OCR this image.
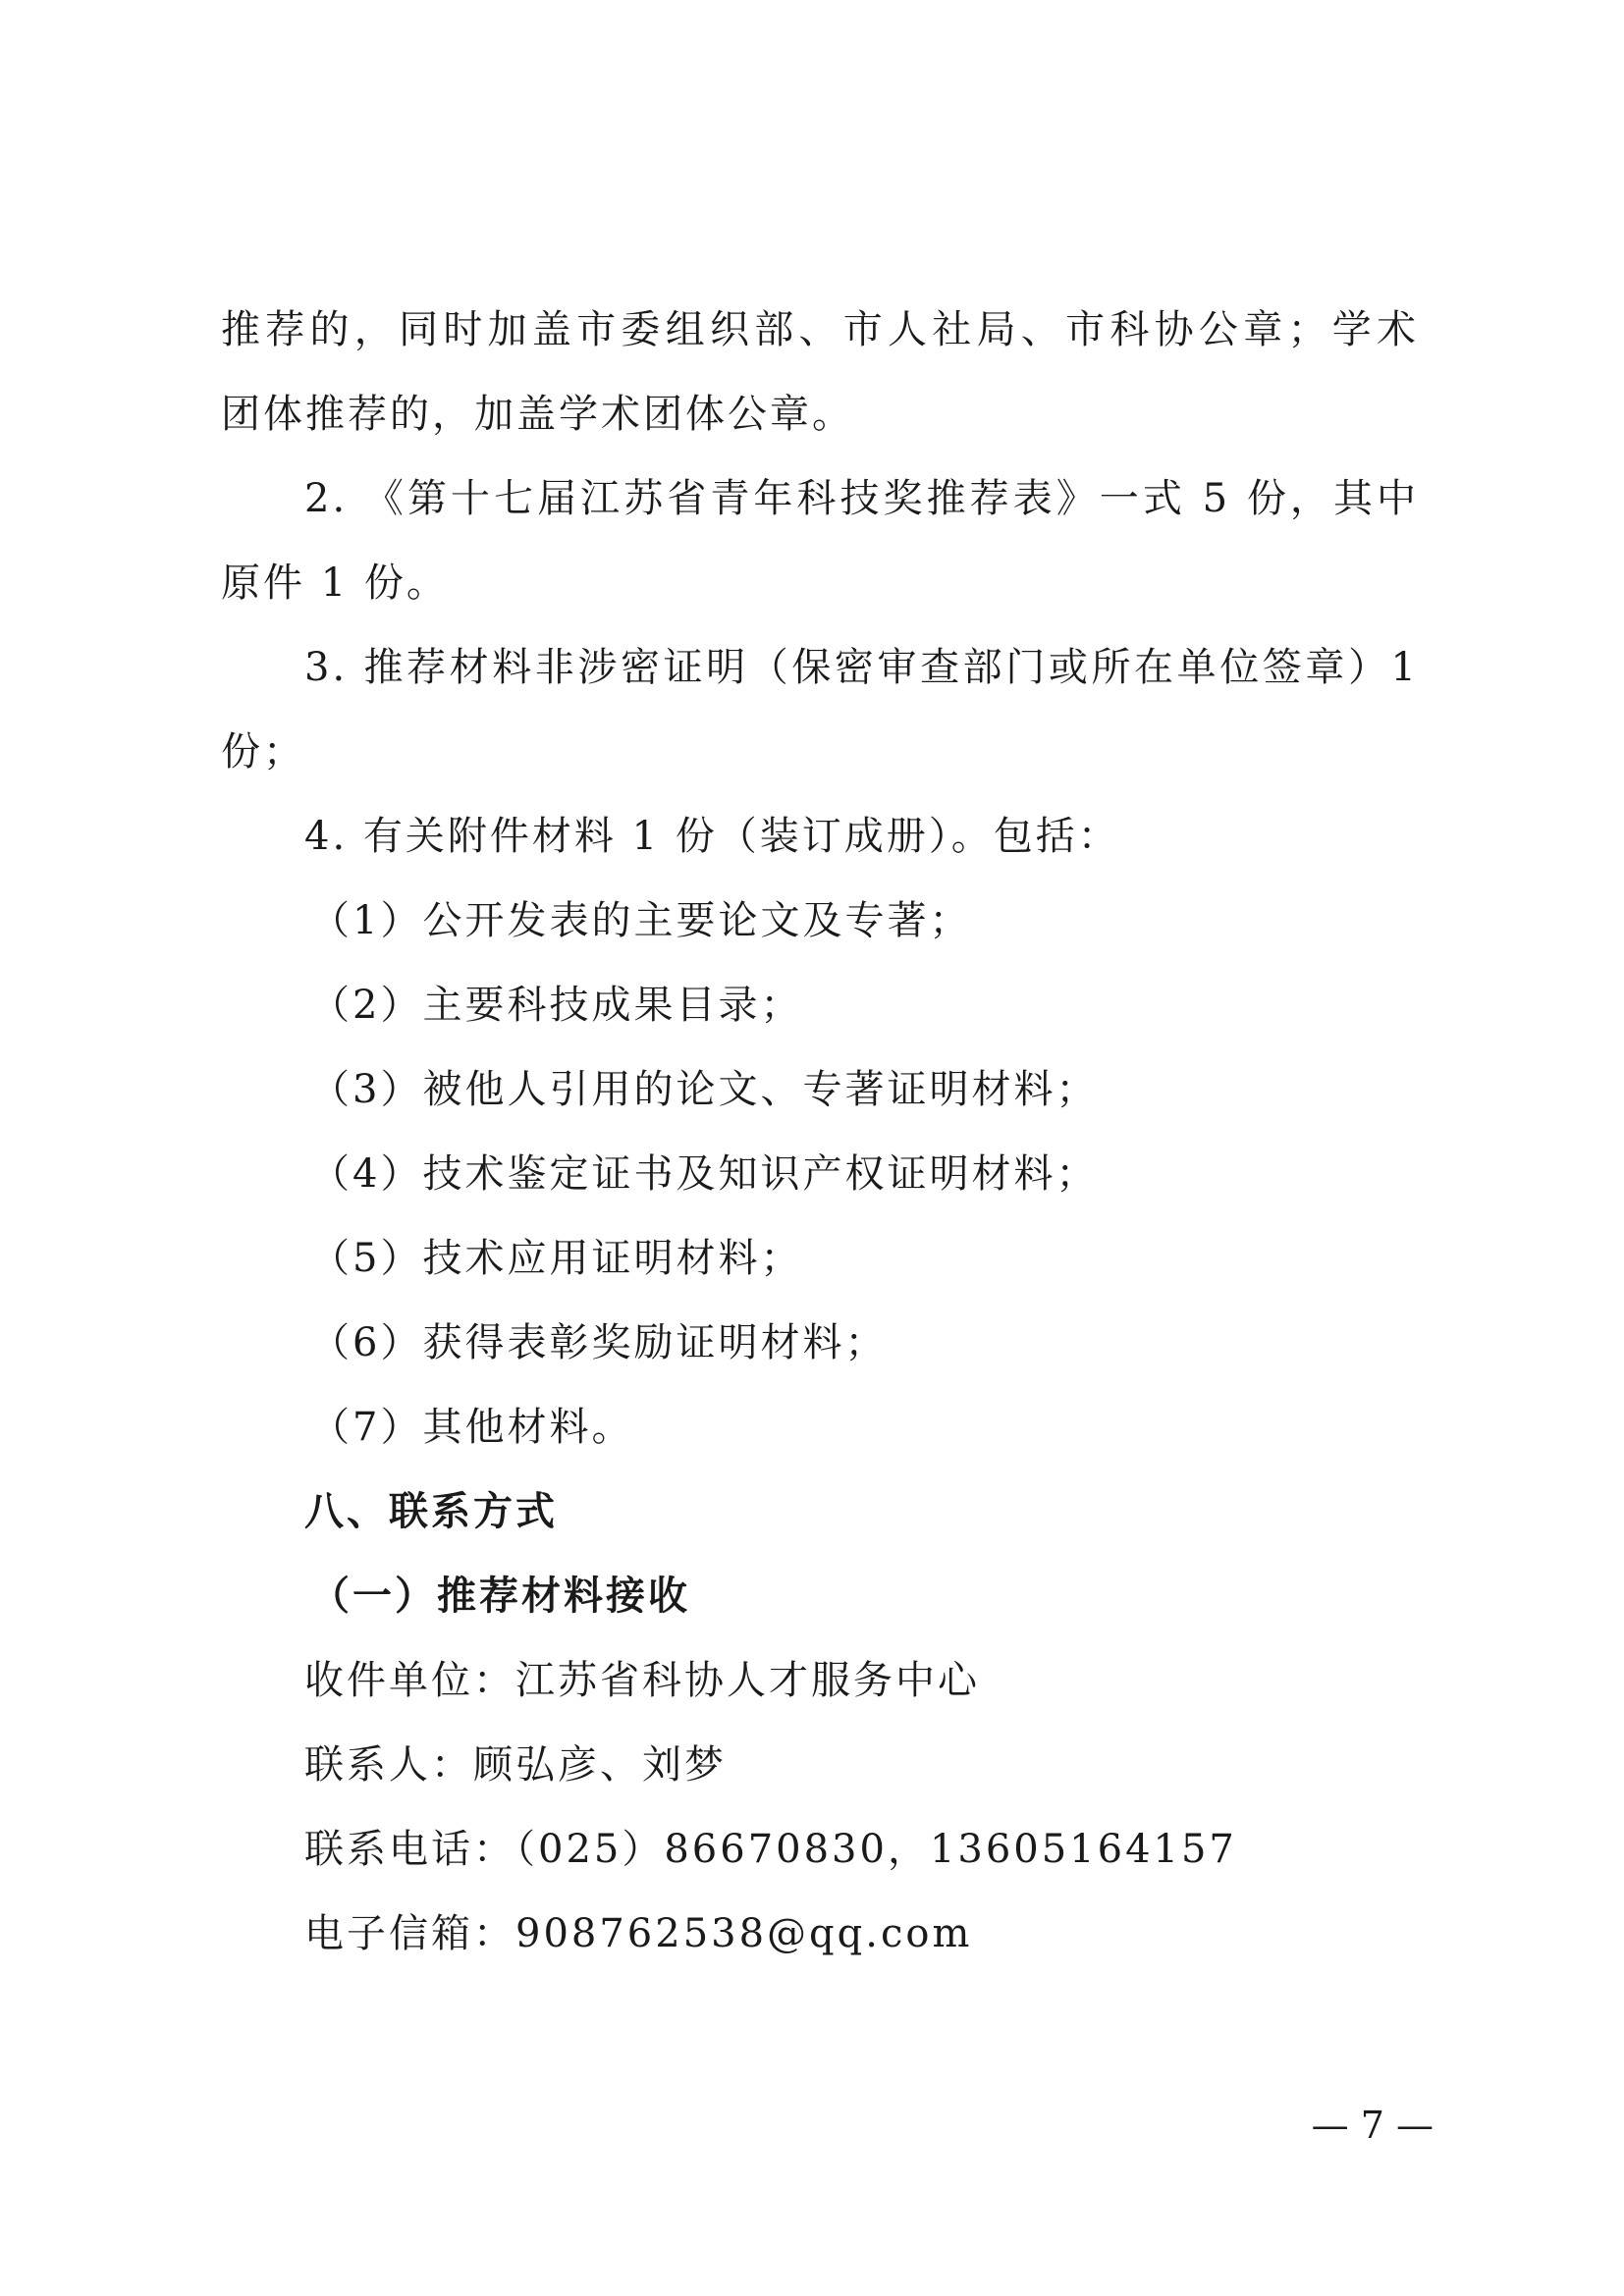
推荐的，同时加盖市委组织部、市人社局、市科协公章；学术
团体推荐的，加盖学术团体公章。
2. 《第十七届江苏省青年科技奖推荐表》一式 5 份，其中
原件 1 份。
3. 推荐材料非涉密证明（保密审查部门或所在单位签章）1
份；
4. 有关附件材料 1 份（装订成册）。包括：
（1）公开发表的主要论文及专著；
（2）主要科技成果目录；
（3）被他人引用的论文、专著证明材料；
（4）技术鉴定证书及知识产权证明材料；
（5）技术应用证明材料；
（6）获得表彰奖励证明材料；
（7）其他材料。
八、联系方式
（一）推荐材料接收
收件单位：江苏省科协人才服务中心
联系人：顾弘彦、刘梦
联系电话：（025）86670830，13605164157
电子信箱：908762538@qq.com
— 7 —
